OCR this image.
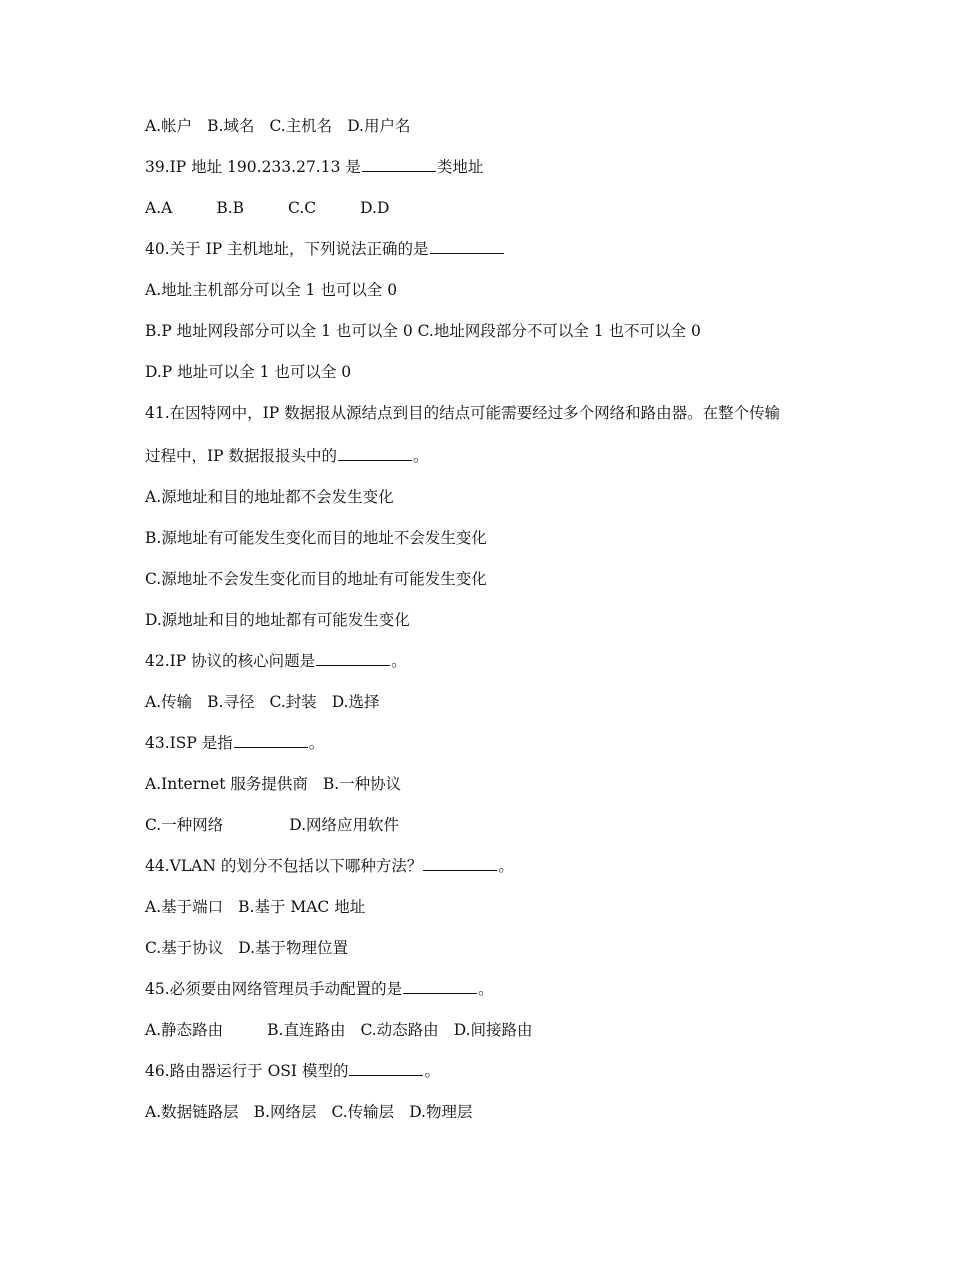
A.帐户 B.域名 C.主机名 D.用户名
39.IP 地址 190.233.27.13 是	类地址
A.A	B.B	C.C	D.D
40.关于 IP 主机地址，下列说法正确的是
A.地址主机部分可以全 1 也可以全 0
B.P 地址网段部分可以全 1 也可以全 0 C.地址网段部分不可以全 1 也不可以全 0
D.P 地址可以全 1 也可以全 0
41.在因特网中，IP 数据报从源结点到目的结点可能需要经过多个网络和路由器。在整个传输
过程中，IP 数据报报头中的	。
A.源地址和目的地址都不会发生变化
B.源地址有可能发生变化而目的地址不会发生变化
C.源地址不会发生变化而目的地址有可能发生变化
D.源地址和目的地址都有可能发生变化
42.IP 协议的核心问题是	。
A.传输 B.寻径 C.封装 D.选择
43.ISP 是指	。
A.Internet 服务提供商 B.一种协议
C.一种网络	D.网络应用软件
44.VLAN 的划分不包括以下哪种方法？	。
A.基于端口 B.基于 MAC 地址
C.基于协议 D.基于物理位置
45.必须要由网络管理员手动配置的是	。
A.静态路由	B.直连路由 C.动态路由 D.间接路由
46.路由器运行于 OSI 模型的	。
A.数据链路层 B.网络层 C.传输层 D.物理层
